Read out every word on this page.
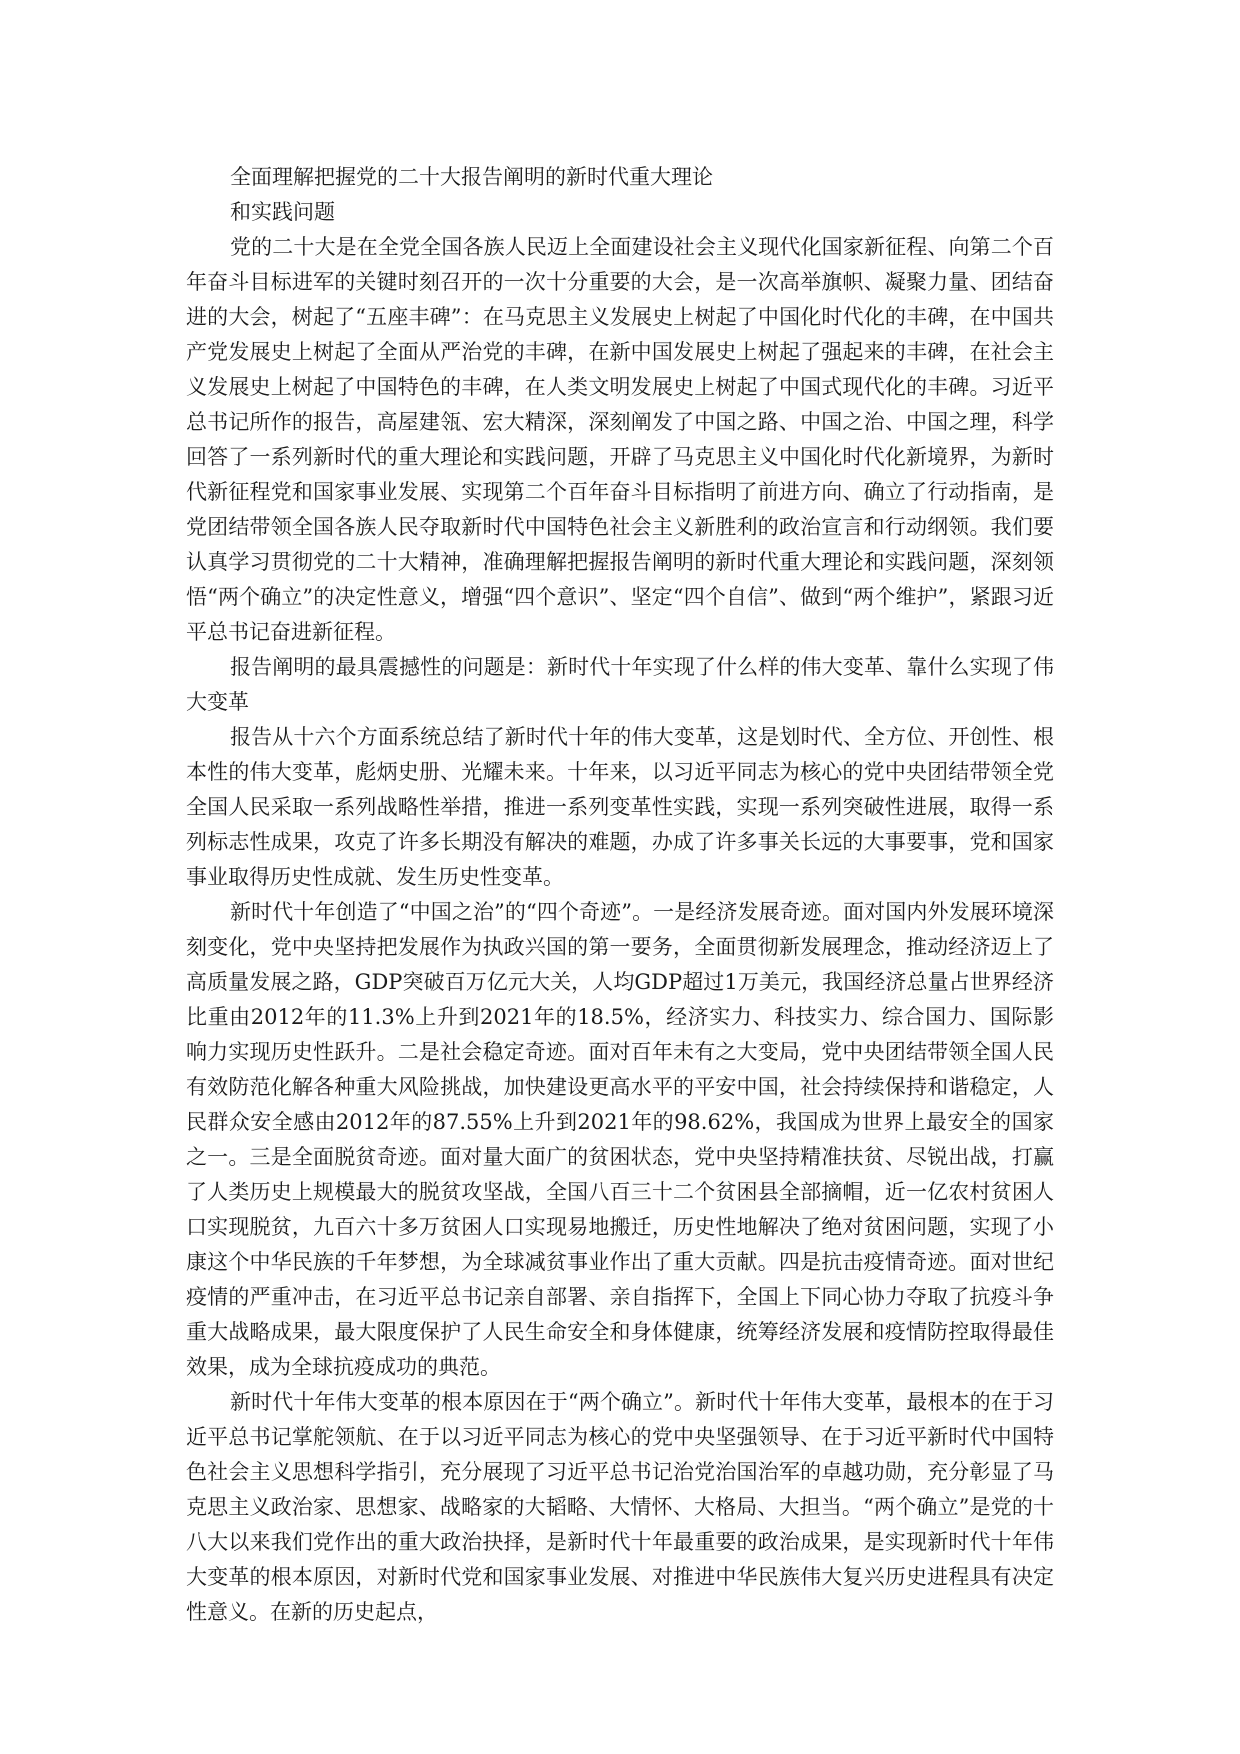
全面理解把握党的二十大报告阐明的新时代重大理论
和实践问题

党的二十大是在全党全国各族人民迈上全面建设社会主义现代化国家新征程、向第二个百年奋斗目标进军的关键时刻召开的一次十分重要的大会，是一次高举旗帜、凝聚力量、团结奋进的大会，树起了“五座丰碑”：在马克思主义发展史上树起了中国化时代化的丰碑，在中国共产党发展史上树起了全面从严治党的丰碑，在新中国发展史上树起了强起来的丰碑，在社会主义发展史上树起了中国特色的丰碑，在人类文明发展史上树起了中国式现代化的丰碑。习近平总书记所作的报告，高屋建瓴、宏大精深，深刻阐发了中国之路、中国之治、中国之理，科学回答了一系列新时代的重大理论和实践问题，开辟了马克思主义中国化时代化新境界，为新时代新征程党和国家事业发展、实现第二个百年奋斗目标指明了前进方向、确立了行动指南，是党团结带领全国各族人民夺取新时代中国特色社会主义新胜利的政治宣言和行动纲领。我们要认真学习贯彻党的二十大精神，准确理解把握报告阐明的新时代重大理论和实践问题，深刻领悟“两个确立”的决定性意义，增强“四个意识”、坚定“四个自信”、做到“两个维护”，紧跟习近平总书记奋进新征程。

报告阐明的最具震撼性的问题是：新时代十年实现了什么样的伟大变革、靠什么实现了伟大变革

报告从十六个方面系统总结了新时代十年的伟大变革，这是划时代、全方位、开创性、根本性的伟大变革，彪炳史册、光耀未来。十年来，以习近平同志为核心的党中央团结带领全党全国人民采取一系列战略性举措，推进一系列变革性实践，实现一系列突破性进展，取得一系列标志性成果，攻克了许多长期没有解决的难题，办成了许多事关长远的大事要事，党和国家事业取得历史性成就、发生历史性变革。

新时代十年创造了“中国之治”的“四个奇迹”。一是经济发展奇迹。面对国内外发展环境深刻变化，党中央坚持把发展作为执政兴国的第一要务，全面贯彻新发展理念，推动经济迈上了高质量发展之路，GDP突破百万亿元大关，人均GDP超过1万美元，我国经济总量占世界经济比重由2012年的11.3%上升到2021年的18.5%，经济实力、科技实力、综合国力、国际影响力实现历史性跃升。二是社会稳定奇迹。面对百年未有之大变局，党中央团结带领全国人民有效防范化解各种重大风险挑战，加快建设更高水平的平安中国，社会持续保持和谐稳定，人民群众安全感由2012年的87.55%上升到2021年的98.62%，我国成为世界上最安全的国家之一。三是全面脱贫奇迹。面对量大面广的贫困状态，党中央坚持精准扶贫、尽锐出战，打赢了人类历史上规模最大的脱贫攻坚战，全国八百三十二个贫困县全部摘帽，近一亿农村贫困人口实现脱贫，九百六十多万贫困人口实现易地搬迁，历史性地解决了绝对贫困问题，实现了小康这个中华民族的千年梦想，为全球减贫事业作出了重大贡献。四是抗击疫情奇迹。面对世纪疫情的严重冲击，在习近平总书记亲自部署、亲自指挥下，全国上下同心协力夺取了抗疫斗争重大战略成果，最大限度保护了人民生命安全和身体健康，统筹经济发展和疫情防控取得最佳效果，成为全球抗疫成功的典范。

新时代十年伟大变革的根本原因在于“两个确立”。新时代十年伟大变革，最根本的在于习近平总书记掌舵领航、在于以习近平同志为核心的党中央坚强领导、在于习近平新时代中国特色社会主义思想科学指引，充分展现了习近平总书记治党治国治军的卓越功勋，充分彰显了马克思主义政治家、思想家、战略家的大韬略、大情怀、大格局、大担当。“两个确立”是党的十八大以来我们党作出的重大政治抉择，是新时代十年最重要的政治成果，是实现新时代十年伟大变革的根本原因，对新时代党和国家事业发展、对推进中华民族伟大复兴历史进程具有决定性意义。在新的历史起点，
